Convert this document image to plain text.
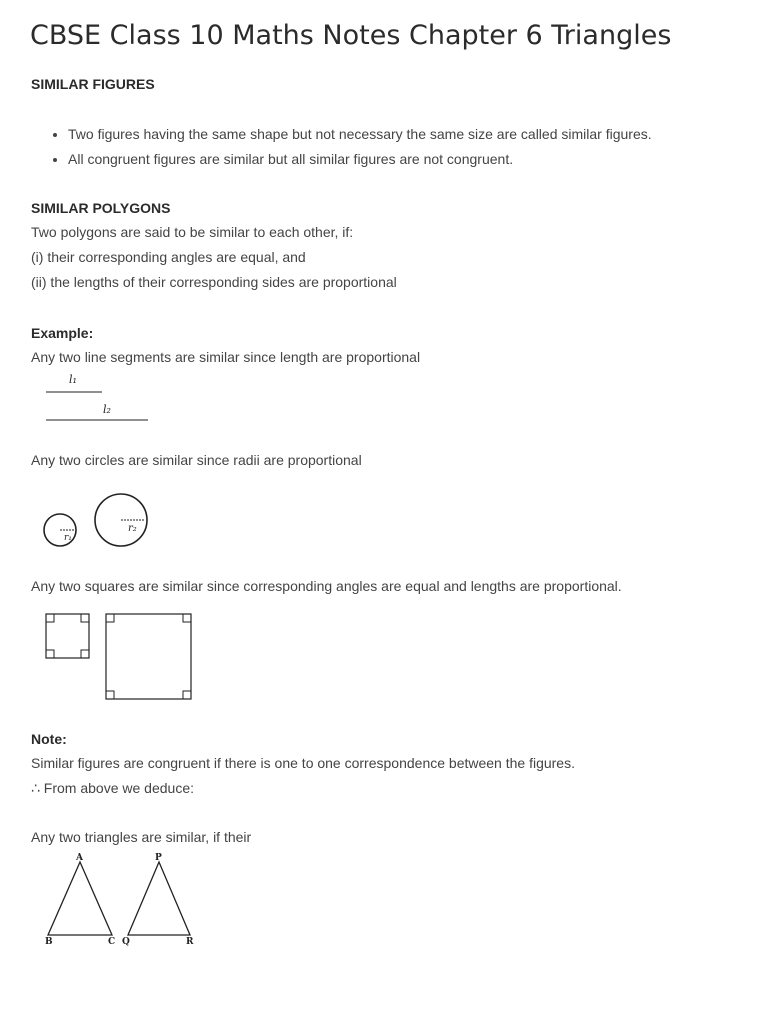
CBSE Class 10 Maths Notes Chapter 6 Triangles
SIMILAR FIGURES
• Two figures having the same shape but not necessary the same size are called similar figures.
• All congruent figures are similar but all similar figures are not congruent.
SIMILAR POLYGONS
Two polygons are said to be similar to each other, if:
(i) their corresponding angles are equal, and
(ii) the lengths of their corresponding sides are proportional
Example:
Any two line segments are similar since length are proportional
l₁
l₂
Any two circles are similar since radii are proportional
r₁
r₂
Any two squares are similar since corresponding angles are equal and lengths are proportional.
Note:
Similar figures are congruent if there is one to one correspondence between the figures.
∴ From above we deduce:
Any two triangles are similar, if their
A
B	C
P
Q	R
